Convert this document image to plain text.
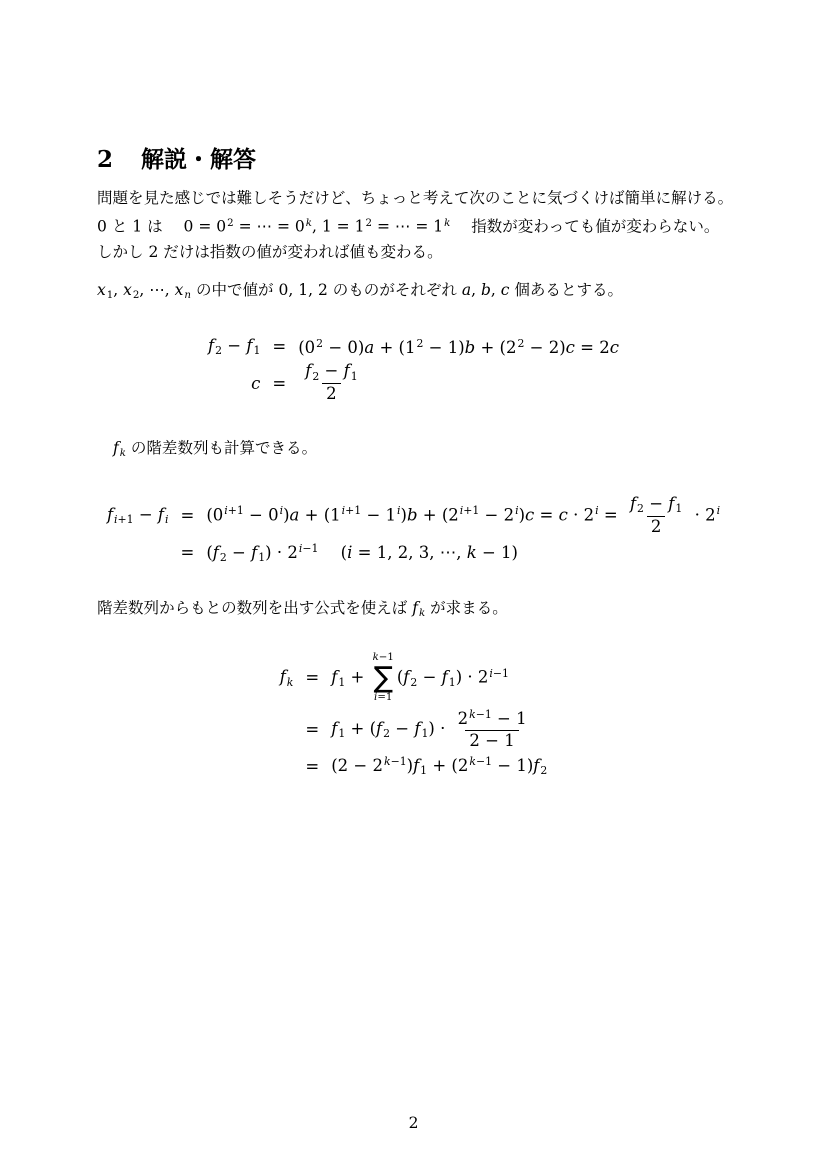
2 解説・解答

問題を見た感じでは難しそうだけど、ちょっと考えて次のことに気づくけば簡単に解ける。

0 と 1 は $0 = 0^2$ = ⋯ = $0^k$, $1 = 1^2$ = ⋯ = $1^k$ 指数が変わっても値が変わらない。

しかし 2 だけは指数の値が変われば値も変わる。

x1, x2, ⋯, xn の中で値が 0, 1, 2 のものがそれぞれ a, b, c 個あるとする。

f2 − f1	=	$(0^2 - 0)a + (1^2 - 1)b + (2^2 - 2)c = 2c$
c	=	$\frac{f2 - f1}{2}$

fk の階差数列も計算できる。

fi+1 − fi	=	$(0^{i+1} - 0^i)a + (1^{i+1} - 1^i)b + (2^{i+1} - 2^i)c = c \cdot 2^i = \frac{f2 - f1}{2} \cdot 2^i$
	=	$(f2 - f1) \cdot 2^{i-1}$ (i = 1, 2, 3, ⋯, k − 1)

階差数列からもとの数列を出す公式を使えば fk が求まる。

fk	=	f1 +
k−1
∑
i=1
$(f2 - f1) \cdot 2^{i-1}$
	=	$f1 + (f2 - f1) \cdot \frac{2^{k-1} - 1}{2 - 1}$

	=	$(2 - 2^{k-1})f1 + (2^{k-1} - 1)f2$
2
